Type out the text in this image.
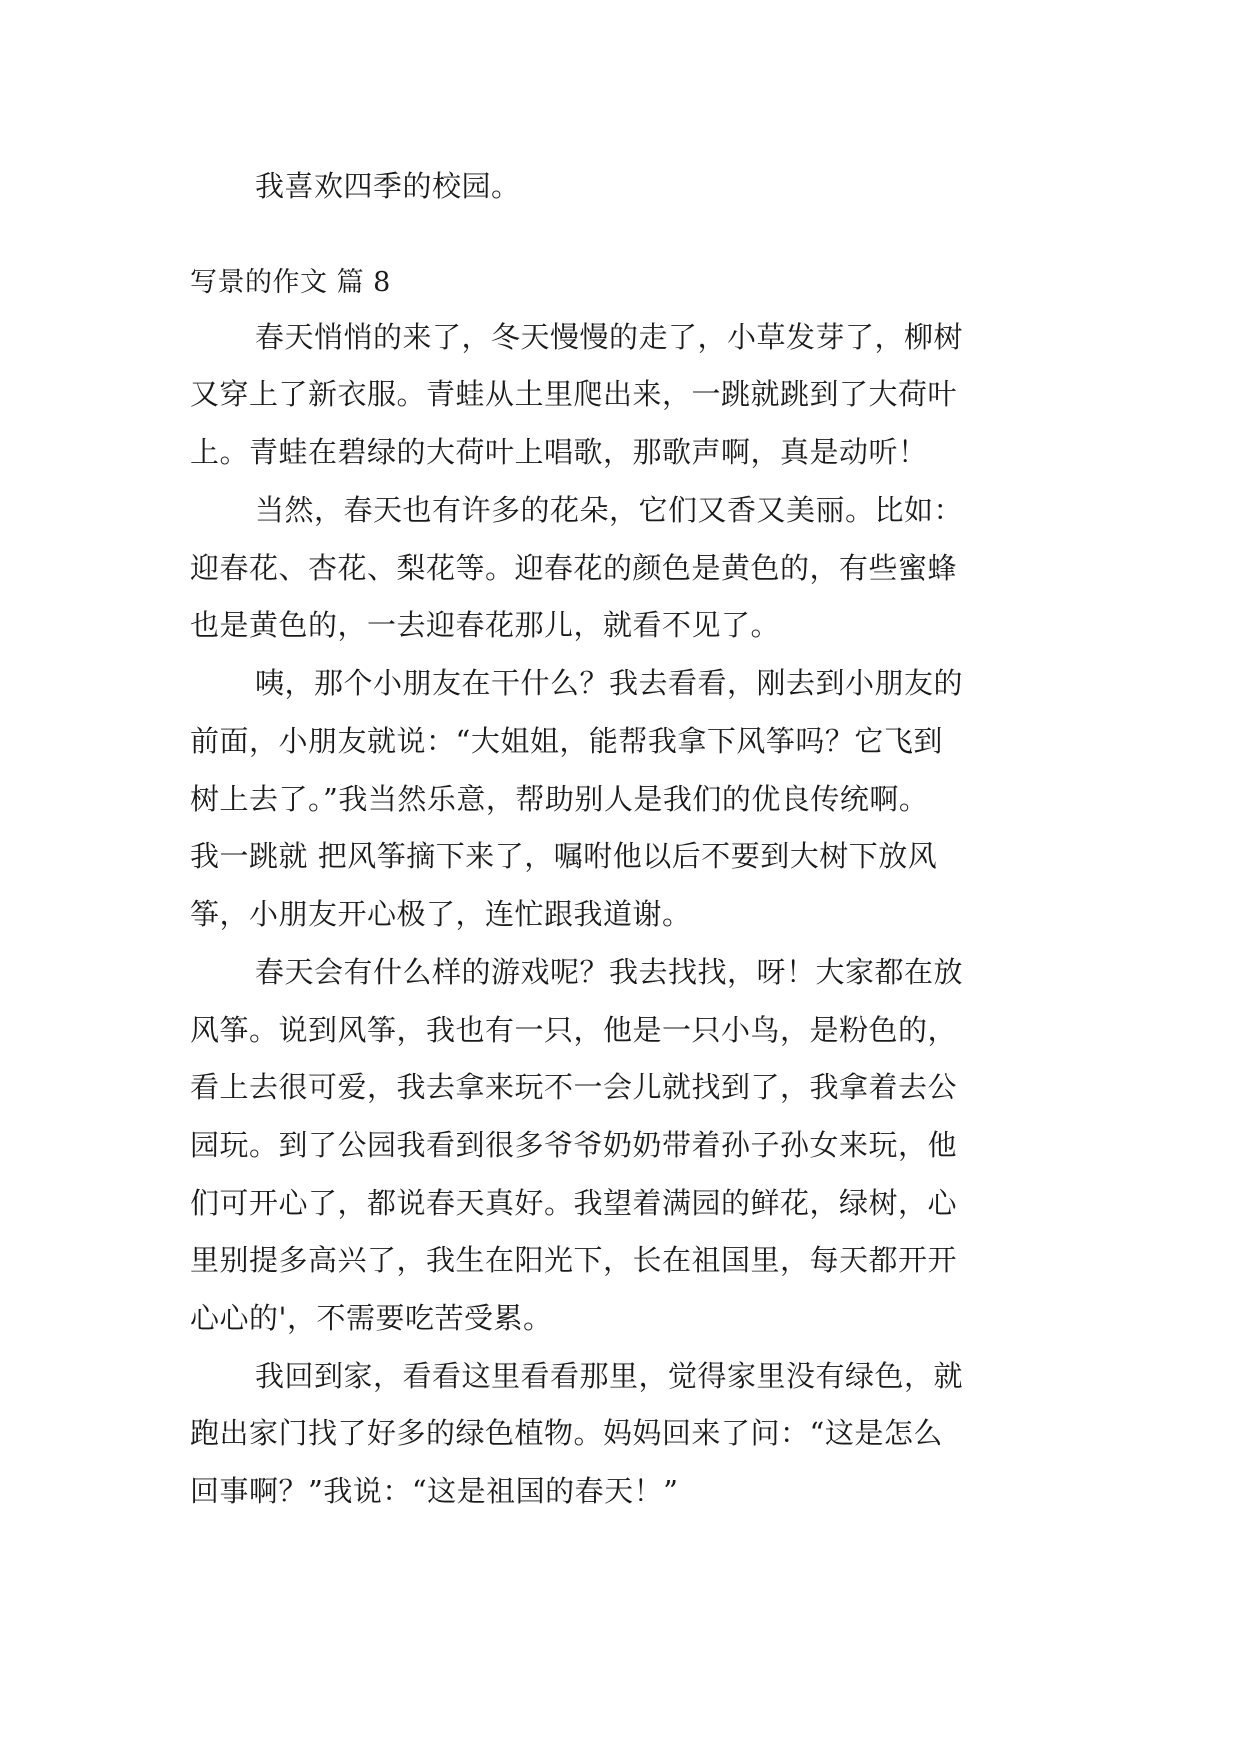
我喜欢四季的校园。
写景的作文 篇 8
春天悄悄的来了，冬天慢慢的走了，小草发芽了，柳树
又穿上了新衣服。青蛙从土里爬出来，一跳就跳到了大荷叶
上。青蛙在碧绿的大荷叶上唱歌，那歌声啊，真是动听！
当然，春天也有许多的花朵，它们又香又美丽。比如：
迎春花、杏花、梨花等。迎春花的颜色是黄色的，有些蜜蜂
也是黄色的，一去迎春花那儿，就看不见了。
咦，那个小朋友在干什么？我去看看，刚去到小朋友的
前面，小朋友就说：“大姐姐，能帮我拿下风筝吗？它飞到
树上去了。”我当然乐意，帮助别人是我们的优良传统啊。
我一跳就 把风筝摘下来了，嘱咐他以后不要到大树下放风
筝，小朋友开心极了，连忙跟我道谢。
春天会有什么样的游戏呢？我去找找，呀！大家都在放
风筝。说到风筝，我也有一只，他是一只小鸟，是粉色的，
看上去很可爱，我去拿来玩不一会儿就找到了，我拿着去公
园玩。到了公园我看到很多爷爷奶奶带着孙子孙女来玩，他
们可开心了，都说春天真好。我望着满园的鲜花，绿树，心
里别提多高兴了，我生在阳光下，长在祖国里，每天都开开
心心的'，不需要吃苦受累。
我回到家，看看这里看看那里，觉得家里没有绿色，就
跑出家门找了好多的绿色植物。妈妈回来了问：“这是怎么
回事啊？”我说：“这是祖国的春天！”
